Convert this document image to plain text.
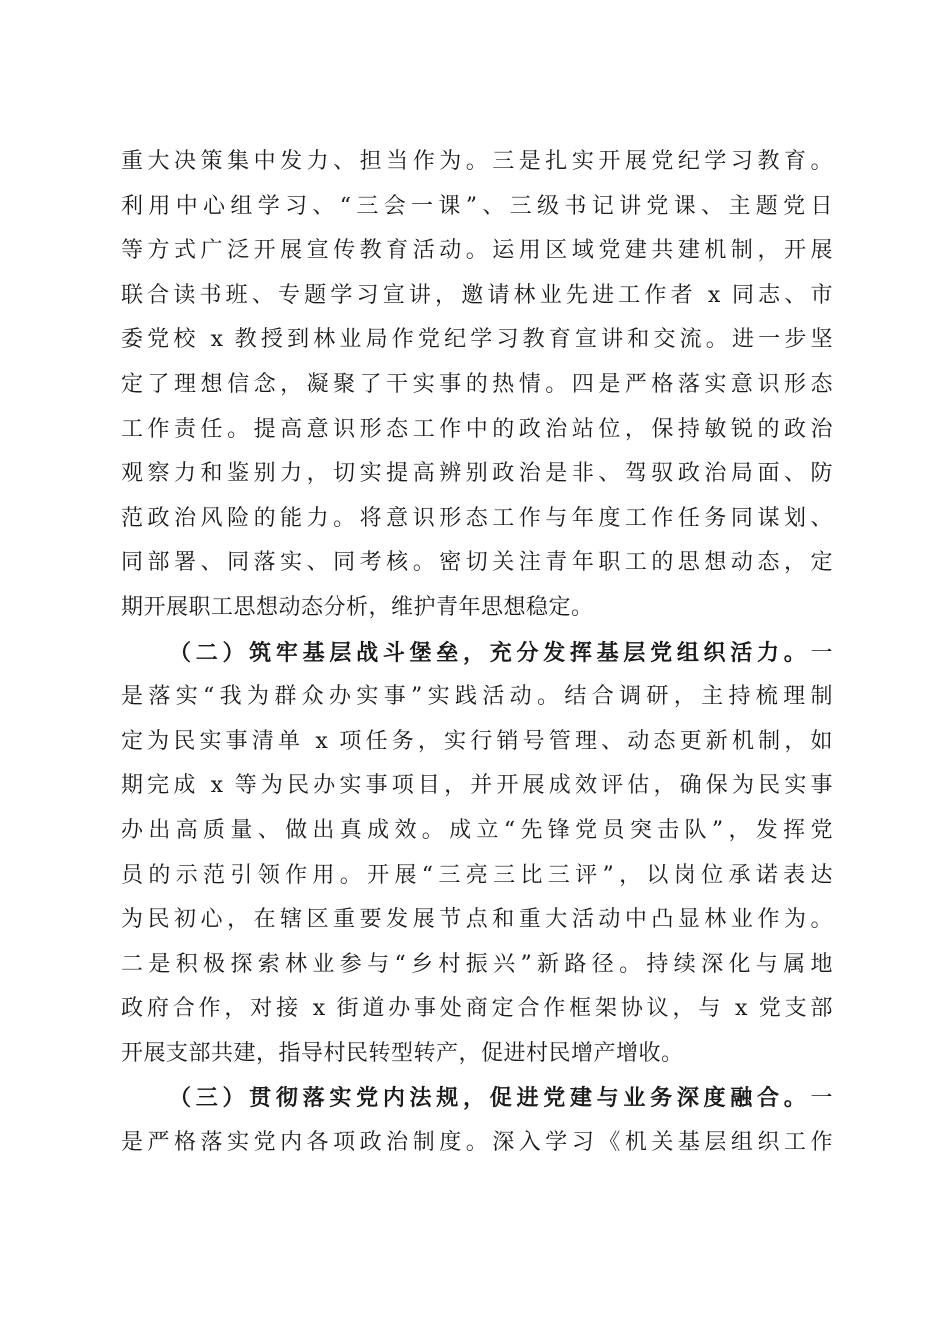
重大决策集中发力、担当作为。三是扎实开展党纪学习教育。
利用中心组学习、“三会一课”、三级书记讲党课、主题党日
等方式广泛开展宣传教育活动。运用区域党建共建机制，开展
联合读书班、专题学习宣讲，邀请林业先进工作者 x 同志、市
委党校 x 教授到林业局作党纪学习教育宣讲和交流。进一步坚
定了理想信念，凝聚了干实事的热情。四是严格落实意识形态
工作责任。提高意识形态工作中的政治站位，保持敏锐的政治
观察力和鉴别力，切实提高辨别政治是非、驾驭政治局面、防
范政治风险的能力。将意识形态工作与年度工作任务同谋划、
同部署、同落实、同考核。密切关注青年职工的思想动态，定
期开展职工思想动态分析，维护青年思想稳定。
（二）筑牢基层战斗堡垒，充分发挥基层党组织活力。一
是落实“我为群众办实事”实践活动。结合调研，主持梳理制
定为民实事清单 x 项任务，实行销号管理、动态更新机制，如
期完成 x 等为民办实事项目，并开展成效评估，确保为民实事
办出高质量、做出真成效。成立“先锋党员突击队”，发挥党
员的示范引领作用。开展“三亮三比三评”，以岗位承诺表达
为民初心，在辖区重要发展节点和重大活动中凸显林业作为。
二是积极探索林业参与“乡村振兴”新路径。持续深化与属地
政府合作，对接 x 街道办事处商定合作框架协议，与 x 党支部
开展支部共建，指导村民转型转产，促进村民增产增收。
（三）贯彻落实党内法规，促进党建与业务深度融合。一
是严格落实党内各项政治制度。深入学习《机关基层组织工作
